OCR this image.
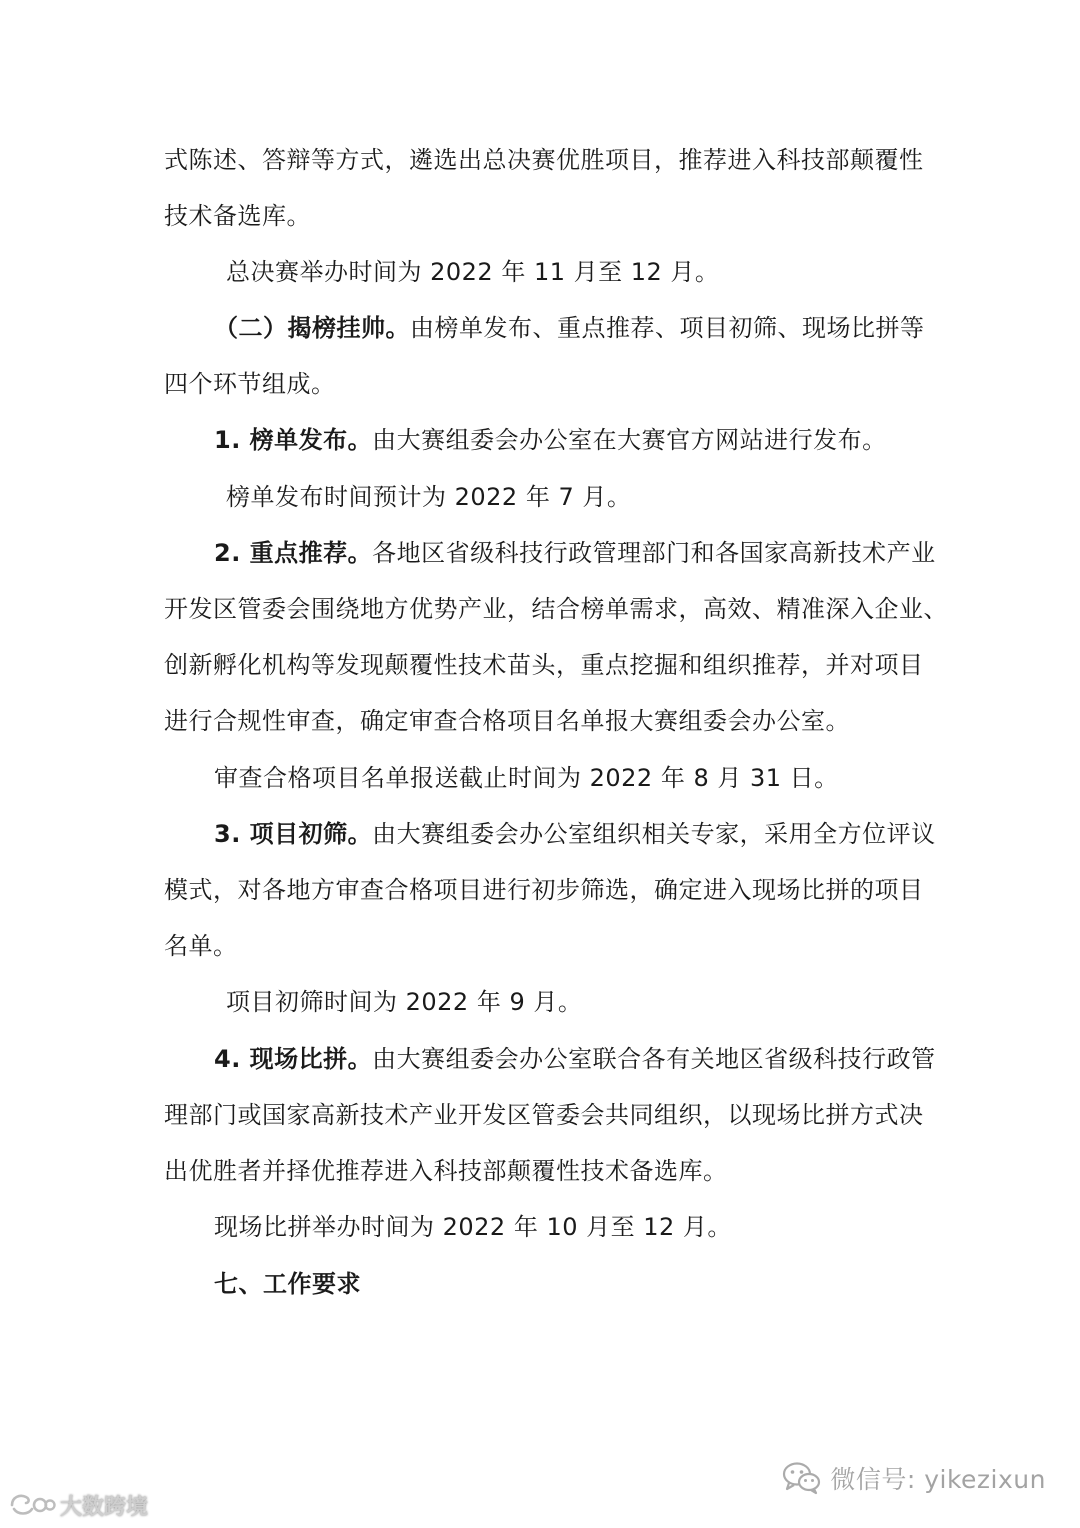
式陈述、答辩等方式，遴选出总决赛优胜项目，推荐进入科技部颠覆性
技术备选库。
总决赛举办时间为 2022 年 11 月至 12 月。
（二）揭榜挂帅。由榜单发布、重点推荐、项目初筛、现场比拼等
四个环节组成。
1. 榜单发布。由大赛组委会办公室在大赛官方网站进行发布。
榜单发布时间预计为 2022 年 7 月。
2. 重点推荐。各地区省级科技行政管理部门和各国家高新技术产业
开发区管委会围绕地方优势产业，结合榜单需求，高效、精准深入企业、
创新孵化机构等发现颠覆性技术苗头，重点挖掘和组织推荐，并对项目
进行合规性审查，确定审查合格项目名单报大赛组委会办公室。
审查合格项目名单报送截止时间为 2022 年 8 月 31 日。
3. 项目初筛。由大赛组委会办公室组织相关专家，采用全方位评议
模式，对各地方审查合格项目进行初步筛选，确定进入现场比拼的项目
名单。
项目初筛时间为 2022 年 9 月。
4. 现场比拼。由大赛组委会办公室联合各有关地区省级科技行政管
理部门或国家高新技术产业开发区管委会共同组织，以现场比拼方式决
出优胜者并择优推荐进入科技部颠覆性技术备选库。
现场比拼举办时间为 2022 年 10 月至 12 月。
七、工作要求
微信号: yikezixun
大数跨境
